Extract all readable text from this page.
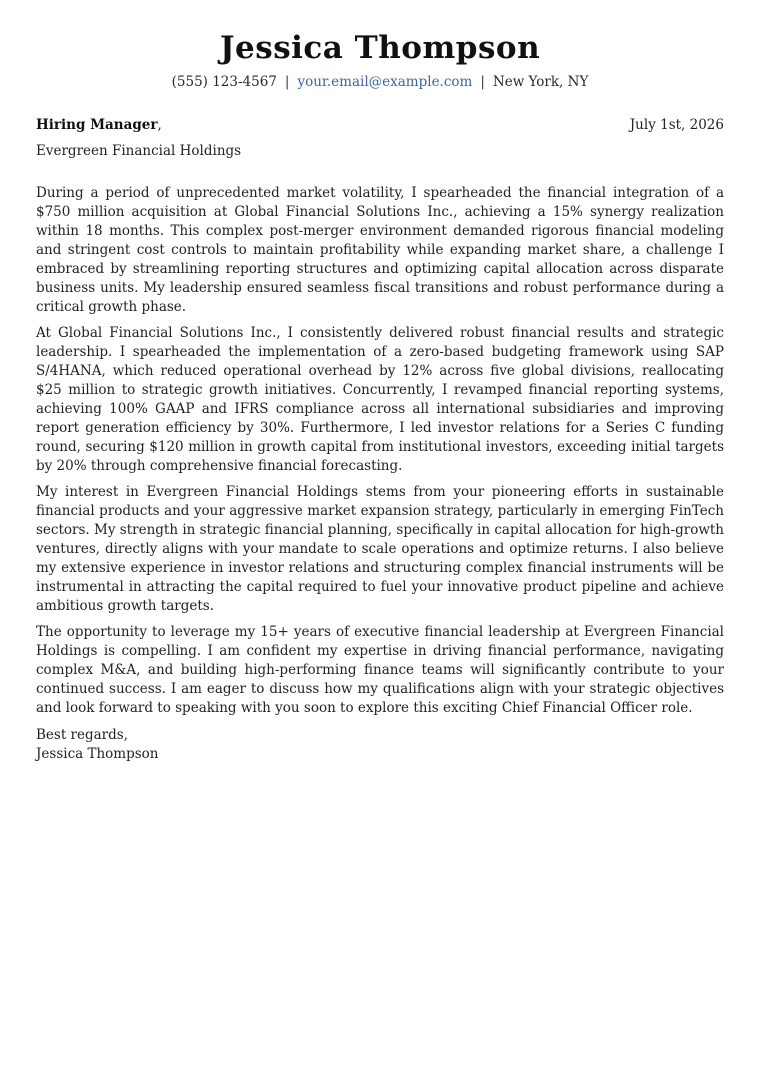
Jessica Thompson
(555) 123-4567 | your.email@example.com | New York, NY
Hiring Manager,	July 1st, 2026
Evergreen Financial Holdings

During a period of unprecedented market volatility, I spearheaded the financial integration of a $750 million acquisition at Global Financial Solutions Inc., achieving a 15% synergy realization within 18 months. This complex post-merger environment demanded rigorous financial modeling and stringent cost controls to maintain profitability while expanding market share, a challenge I embraced by streamlining reporting structures and optimizing capital allocation across disparate business units. My leadership ensured seamless fiscal transitions and robust performance during a critical growth phase.

At Global Financial Solutions Inc., I consistently delivered robust financial results and strategic leadership. I spearheaded the implementation of a zero-based budgeting framework using SAP S/4HANA, which reduced operational overhead by 12% across five global divisions, reallocating $25 million to strategic growth initiatives. Concurrently, I revamped financial reporting systems, achieving 100% GAAP and IFRS compliance across all international subsidiaries and improving report generation efficiency by 30%. Furthermore, I led investor relations for a Series C funding round, securing $120 million in growth capital from institutional investors, exceeding initial targets by 20% through comprehensive financial forecasting.

My interest in Evergreen Financial Holdings stems from your pioneering efforts in sustainable financial products and your aggressive market expansion strategy, particularly in emerging FinTech sectors. My strength in strategic financial planning, specifically in capital allocation for high-growth ventures, directly aligns with your mandate to scale operations and optimize returns. I also believe my extensive experience in investor relations and structuring complex financial instruments will be instrumental in attracting the capital required to fuel your innovative product pipeline and achieve ambitious growth targets.

The opportunity to leverage my 15+ years of executive financial leadership at Evergreen Financial Holdings is compelling. I am confident my expertise in driving financial performance, navigating complex M&A, and building high-performing finance teams will significantly contribute to your continued success. I am eager to discuss how my qualifications align with your strategic objectives and look forward to speaking with you soon to explore this exciting Chief Financial Officer role.

Best regards,
Jessica Thompson
